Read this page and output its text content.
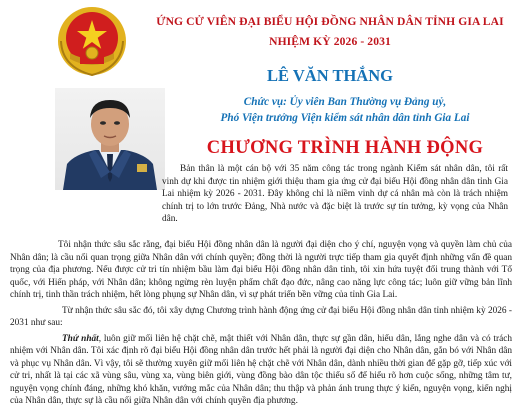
ỨNG CỬ VIÊN ĐẠI BIỂU HỘI ĐỒNG NHÂN DÂN TỈNH GIA LAI
NHIỆM KỲ 2026 - 2031
LÊ VĂN THẮNG
Chức vụ: Ủy viên Ban Thường vụ Đảng uỷ,
Phó Viện trưởng Viện kiểm sát nhân dân tỉnh Gia Lai
CHƯƠNG TRÌNH HÀNH ĐỘNG
Bản thân là một cán bộ với 35 năm công tác trong ngành Kiểm sát nhân dân, tôi rất vinh dự khi được tin nhiệm giới thiệu tham gia ứng cử đại biểu Hội đồng nhân dân tỉnh Gia Lai nhiệm kỳ 2026 - 2031. Đây không chỉ là niềm vinh dự cá nhân mà còn là trách nhiệm chính trị to lớn trước Đảng, Nhà nước và đặc biệt là trước sự tín tưởng, kỳ vọng của Nhân dân.

Tôi nhận thức sâu sắc rằng, đại biểu Hội đồng nhân dân là người đại diện cho ý chí, nguyện vọng và quyền làm chủ của Nhân dân; là cầu nối quan trọng giữa Nhân dân với chính quyền; đồng thời là người trực tiếp tham gia quyết định những vấn đề quan trọng của địa phương. Nếu được cử tri tín nhiệm bầu làm đại biểu Hội đồng nhân dân tỉnh, tôi xin hứa tuyệt đối trung thành với Tổ quốc, với Hiến pháp, với Nhân dân; không ngừng rèn luyện phẩm chất đạo đức, nâng cao năng lực công tác; luôn giữ vững bản lĩnh chính trị, tinh thần trách nhiệm, hết lòng phụng sự Nhân dân, vì sự phát triển bền vững của tỉnh Gia Lai.

Từ nhận thức sâu sắc đó, tôi xây dựng Chương trình hành động ứng cử đại biểu Hội đồng nhân dân tỉnh nhiệm kỳ 2026 - 2031 như sau:

Thứ nhất, luôn giữ mối liên hệ chặt chẽ, mật thiết với Nhân dân, thực sự gần dân, hiểu dân, lắng nghe dân và có trách nhiệm với Nhân dân. Tôi xác định rõ đại biểu Hội đồng nhân dân trước hết phải là người đại diện cho Nhân dân, gắn bó với Nhân dân và phục vụ Nhân dân. Vì vậy, tôi sẽ thường xuyên giữ mối liên hệ chặt chẽ với Nhân dân, dành nhiều thời gian để gặp gỡ, tiếp xúc với cử tri, nhất là tại các xã vùng sâu, vùng xa, vùng biên giới, vùng đồng bào dân tộc thiểu số để hiểu rõ hơn cuộc sống, những tâm tư, nguyện vọng chính đáng, những khó khăn, vướng mắc của Nhân dân; thu thập và phản ánh trung thực ý kiến, nguyện vọng, kiến nghị của Nhân dân, thực sự là cầu nối giữa Nhân dân với chính quyền địa phương.
